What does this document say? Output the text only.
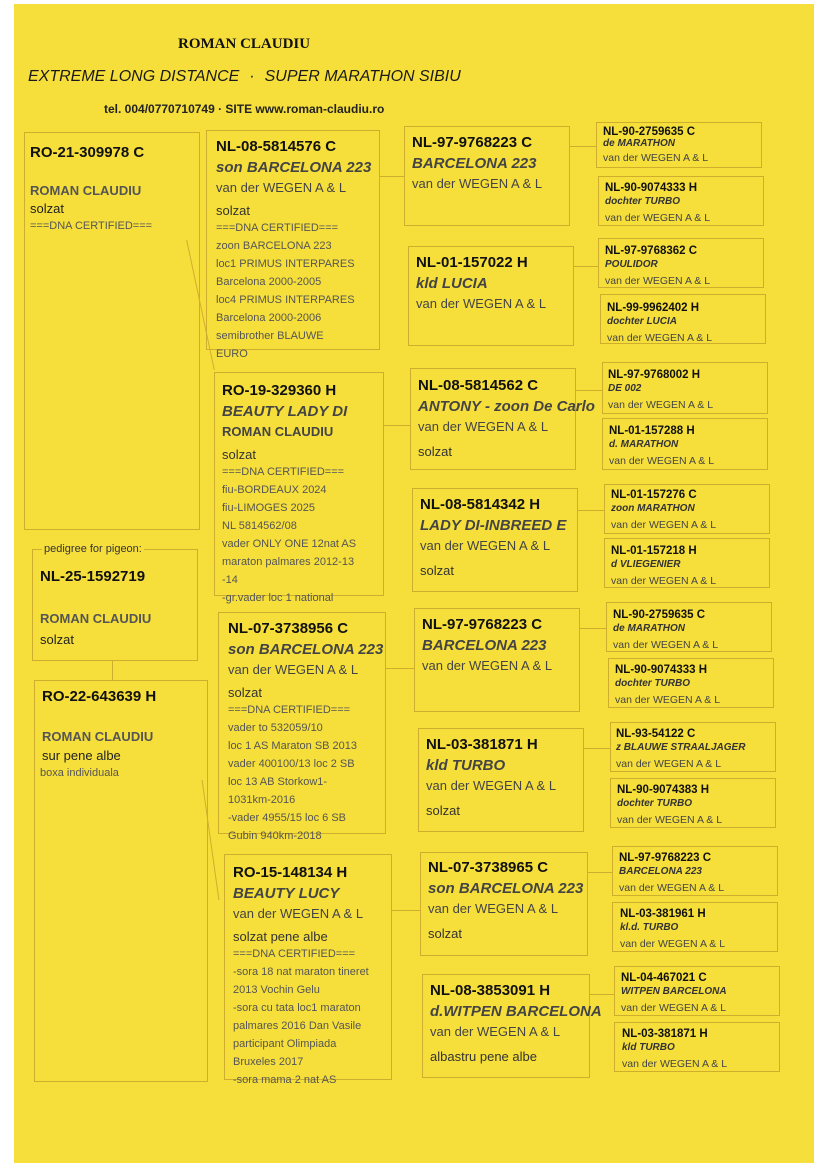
ROMAN CLAUDIU
EXTREME LONG DISTANCE · SUPER MARATHON SIBIU
tel. 004/0770710749 · SITE www.roman-claudiu.ro
RO-21-309978 C
ROMAN CLAUDIU
solzat
===DNA CERTIFIED===
pedigree for pigeon:
NL-25-1592719
ROMAN CLAUDIU
solzat
RO-22-643639 H
ROMAN CLAUDIU
sur pene albe
boxa individuala
NL-08-5814576 C
son BARCELONA 223
van der WEGEN A & L
solzat
===DNA CERTIFIED===
zoon BARCELONA 223
loc1 PRIMUS INTERPARES
Barcelona 2000-2005
loc4 PRIMUS INTERPARES
Barcelona 2000-2006
semibrother BLAUWE
EURO
RO-19-329360 H
BEAUTY LADY DI
ROMAN CLAUDIU
solzat
===DNA CERTIFIED===
fiu-BORDEAUX 2024
fiu-LIMOGES 2025
NL 5814562/08
vader ONLY ONE 12nat AS
maraton palmares 2012-13
-14
-gr.vader loc 1 national
NL-07-3738956 C
son BARCELONA 223
van der WEGEN A & L
solzat
===DNA CERTIFIED===
vader to 532059/10
loc 1 AS Maraton SB 2013
vader 400100/13 loc 2 SB
loc 13 AB Storkow1-
1031km-2016
-vader 4955/15 loc 6 SB
Gubin 940km-2018
RO-15-148134 H
BEAUTY LUCY
van der WEGEN A & L
solzat pene albe
===DNA CERTIFIED===
-sora 18 nat maraton tineret
2013 Vochin Gelu
-sora cu tata loc1 maraton
palmares 2016 Dan Vasile
participant Olimpiada
Bruxeles 2017
-sora mama 2 nat AS
NL-97-9768223 C
BARCELONA 223
van der WEGEN A & L
NL-01-157022 H
kld LUCIA
van der WEGEN A & L
NL-08-5814562 C
ANTONY - zoon De Carlo
van der WEGEN A & L
solzat
NL-08-5814342 H
LADY DI-INBREED E
van der WEGEN A & L
solzat
NL-97-9768223 C
BARCELONA 223
van der WEGEN A & L
NL-03-381871 H
kld TURBO
van der WEGEN A & L
solzat
NL-07-3738965 C
son BARCELONA 223
van der WEGEN A & L
solzat
NL-08-3853091 H
d.WITPEN BARCELONA
van der WEGEN A & L
albastru pene albe
NL-90-2759635 C
de MARATHON
van der WEGEN A & L
NL-90-9074333 H
dochter TURBO
van der WEGEN A & L
NL-97-9768362 C
POULIDOR
van der WEGEN A & L
NL-99-9962402 H
dochter LUCIA
van der WEGEN A & L
NL-97-9768002 H
DE 002
van der WEGEN A & L
NL-01-157288 H
d. MARATHON
van der WEGEN A & L
NL-01-157276 C
zoon MARATHON
van der WEGEN A & L
NL-01-157218 H
d VLIEGENIER
van der WEGEN A & L
NL-90-2759635 C
de MARATHON
van der WEGEN A & L
NL-90-9074333 H
dochter TURBO
van der WEGEN A & L
NL-93-54122 C
z BLAUWE STRAALJAGER
van der WEGEN A & L
NL-90-9074383 H
dochter TURBO
van der WEGEN A & L
NL-97-9768223 C
BARCELONA 223
van der WEGEN A & L
NL-03-381961 H
kl.d. TURBO
van der WEGEN A & L
NL-04-467021 C
WITPEN BARCELONA
van der WEGEN A & L
NL-03-381871 H
kld TURBO
van der WEGEN A & L
